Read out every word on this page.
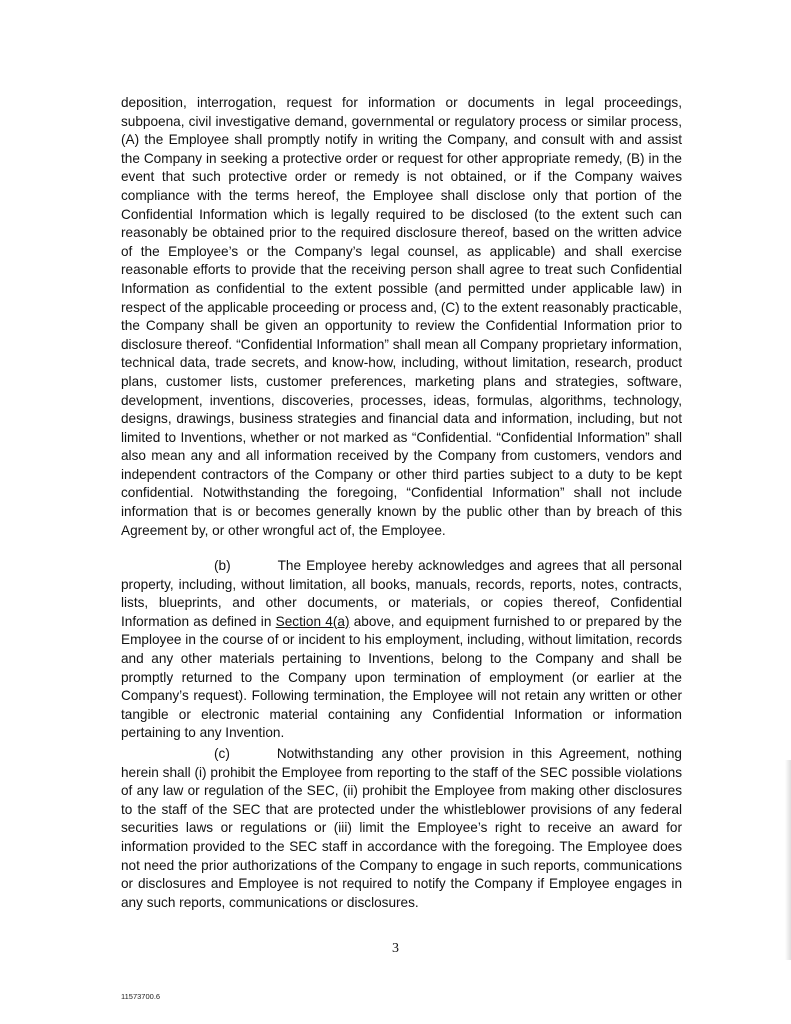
deposition, interrogation, request for information or documents in legal proceedings, subpoena, civil investigative demand, governmental or regulatory process or similar process, (A) the Employee shall promptly notify in writing the Company, and consult with and assist the Company in seeking a protective order or request for other appropriate remedy, (B) in the event that such protective order or remedy is not obtained, or if the Company waives compliance with the terms hereof, the Employee shall disclose only that portion of the Confidential Information which is legally required to be disclosed (to the extent such can reasonably be obtained prior to the required disclosure thereof, based on the written advice of the Employee’s or the Company’s legal counsel, as applicable) and shall exercise reasonable efforts to provide that the receiving person shall agree to treat such Confidential Information as confidential to the extent possible (and permitted under applicable law) in respect of the applicable proceeding or process and, (C) to the extent reasonably practicable, the Company shall be given an opportunity to review the Confidential Information prior to disclosure thereof. “Confidential Information” shall mean all Company proprietary information, technical data, trade secrets, and know-how, including, without limitation, research, product plans, customer lists, customer preferences, marketing plans and strategies, software, development, inventions, discoveries, processes, ideas, formulas, algorithms, technology, designs, drawings, business strategies and financial data and information, including, but not limited to Inventions, whether or not marked as “Confidential. “Confidential Information” shall also mean any and all information received by the Company from customers, vendors and independent contractors of the Company or other third parties subject to a duty to be kept confidential. Notwithstanding the foregoing, “Confidential Information” shall not include information that is or becomes generally known by the public other than by breach of this Agreement by, or other wrongful act of, the Employee.

(b)	The Employee hereby acknowledges and agrees that all personal property, including, without limitation, all books, manuals, records, reports, notes, contracts, lists, blueprints, and other documents, or materials, or copies thereof, Confidential Information as defined in Section 4(a) above, and equipment furnished to or prepared by the Employee in the course of or incident to his employment, including, without limitation, records and any other materials pertaining to Inventions, belong to the Company and shall be promptly returned to the Company upon termination of employment (or earlier at the Company’s request). Following termination, the Employee will not retain any written or other tangible or electronic material containing any Confidential Information or information pertaining to any Invention.

(c)	Notwithstanding any other provision in this Agreement, nothing herein shall (i) prohibit the Employee from reporting to the staff of the SEC possible violations of any law or regulation of the SEC, (ii) prohibit the Employee from making other disclosures to the staff of the SEC that are protected under the whistleblower provisions of any federal securities laws or regulations or (iii) limit the Employee’s right to receive an award for information provided to the SEC staff in accordance with the foregoing. The Employee does not need the prior authorizations of the Company to engage in such reports, communications or disclosures and Employee is not required to notify the Company if Employee engages in any such reports, communications or disclosures.

3
11573700.6
